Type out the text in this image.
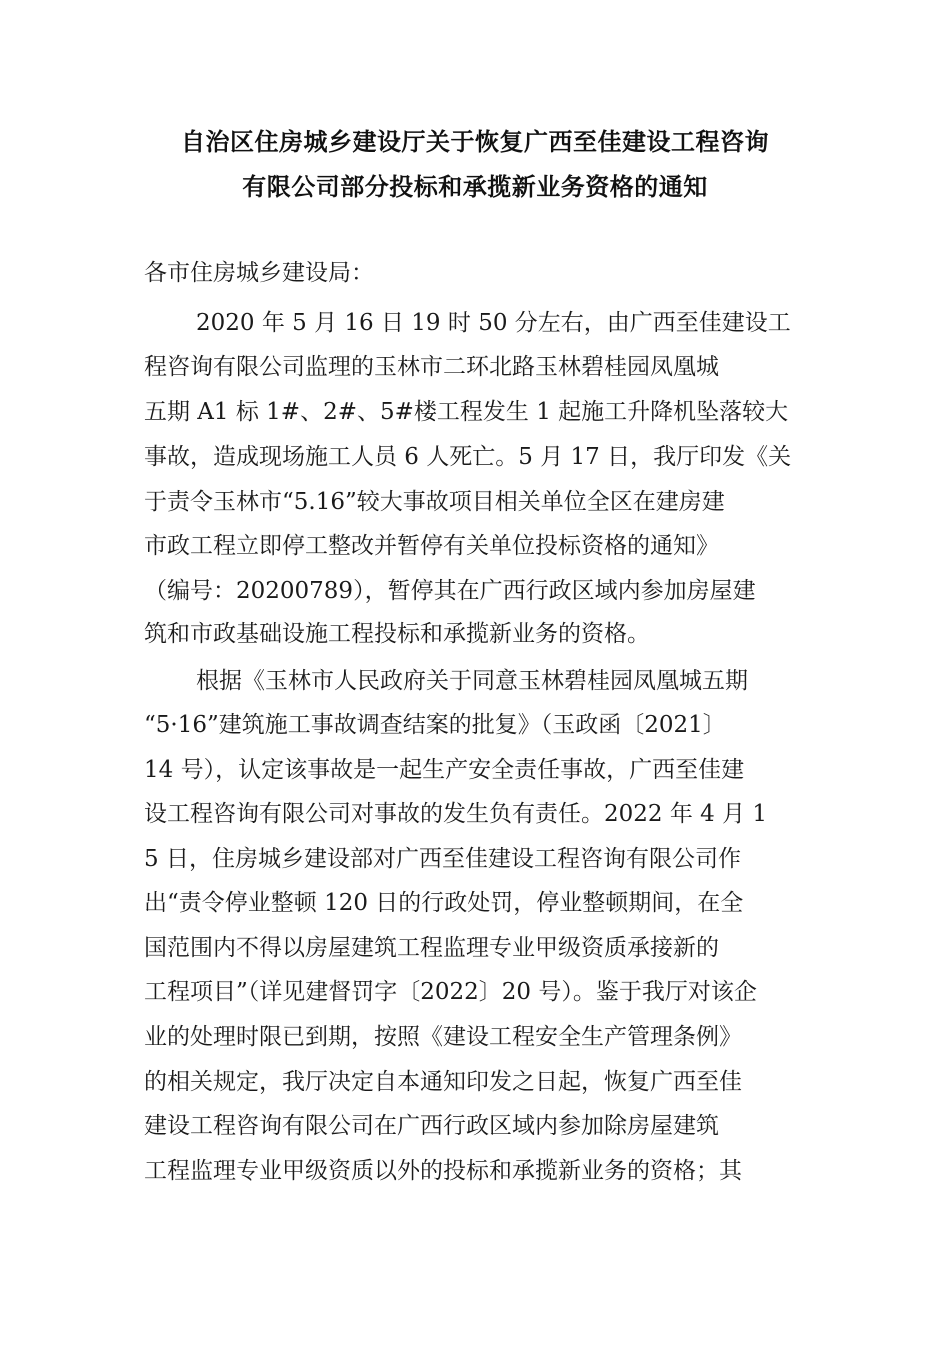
自治区住房城乡建设厅关于恢复广西至佳建设工程咨询
有限公司部分投标和承揽新业务资格的通知
各市住房城乡建设局：
2020 年 5 月 16 日 19 时 50 分左右，由广西至佳建设工
程咨询有限公司监理的玉林市二环北路玉林碧桂园凤凰城
五期 A1 标 1#、2#、5#楼工程发生 1 起施工升降机坠落较大
事故，造成现场施工人员 6 人死亡。5 月 17 日，我厅印发《关
于责令玉林市“5.16”较大事故项目相关单位全区在建房建
市政工程立即停工整改并暂停有关单位投标资格的通知》
（编号：20200789），暂停其在广西行政区域内参加房屋建
筑和市政基础设施工程投标和承揽新业务的资格。
根据《玉林市人民政府关于同意玉林碧桂园凤凰城五期
“5·16”建筑施工事故调查结案的批复》（玉政函〔2021〕
14 号），认定该事故是一起生产安全责任事故，广西至佳建
设工程咨询有限公司对事故的发生负有责任。2022 年 4 月 1
5 日，住房城乡建设部对广西至佳建设工程咨询有限公司作
出“责令停业整顿 120 日的行政处罚，停业整顿期间，在全
国范围内不得以房屋建筑工程监理专业甲级资质承接新的
工程项目”（详见建督罚字〔2022〕20 号）。鉴于我厅对该企
业的处理时限已到期，按照《建设工程安全生产管理条例》
的相关规定，我厅决定自本通知印发之日起，恢复广西至佳
建设工程咨询有限公司在广西行政区域内参加除房屋建筑
工程监理专业甲级资质以外的投标和承揽新业务的资格；其
